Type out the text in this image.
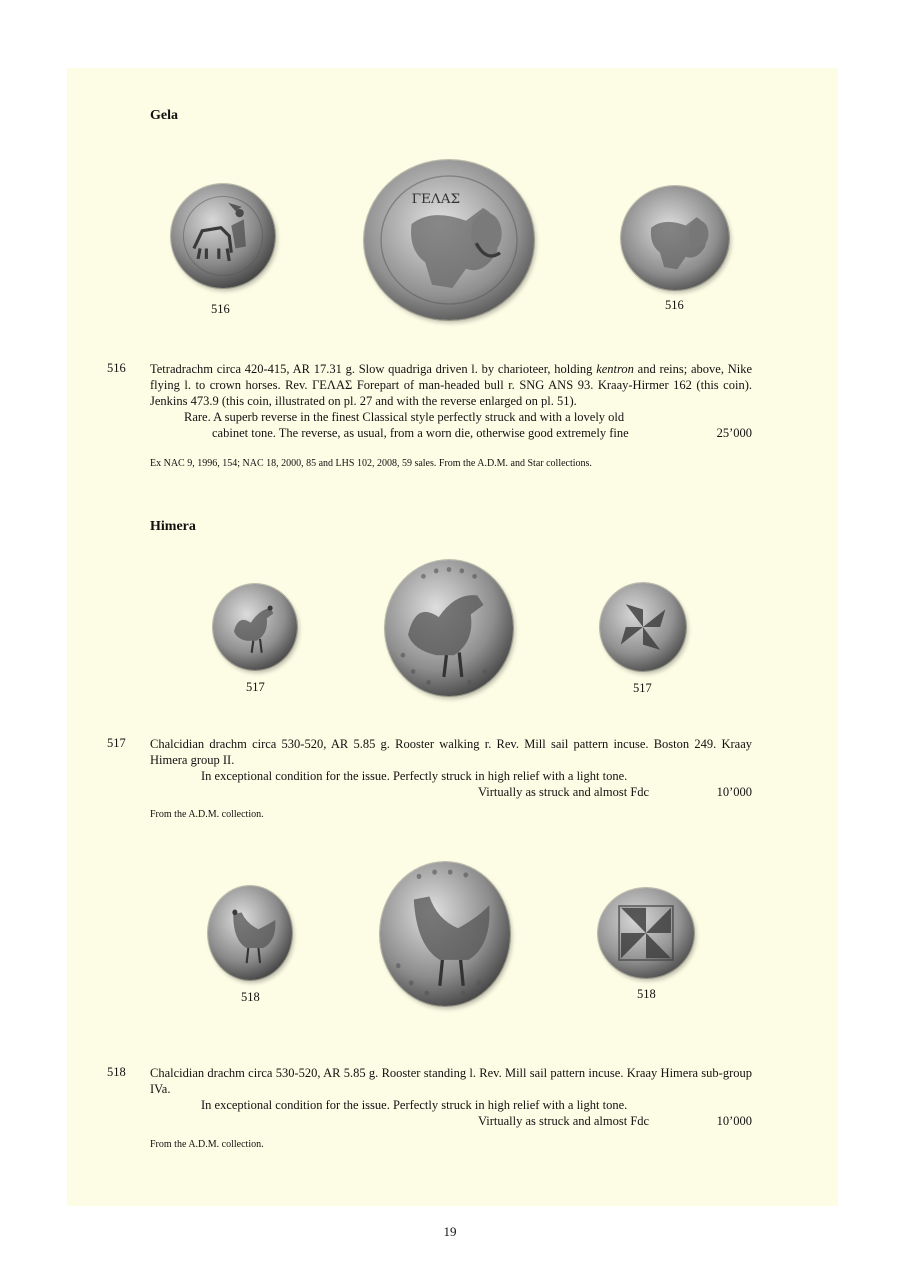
Gela
ΓΕΛΑΣ
516	516
516 Tetradrachm circa 420-415, AR 17.31 g. Slow quadriga driven l. by charioteer, holding kentron and reins; above, Nike flying l. to crown horses. Rev. ΓΕΛΑΣ Forepart of man-headed bull r. SNG ANS 93. Kraay-Hirmer 162 (this coin). Jenkins 473.9 (this coin, illustrated on pl. 27 and with the reverse enlarged on pl. 51).

Rare. A superb reverse in the finest Classical style perfectly struck and with a lovely old

cabinet tone. The reverse, as usual, from a worn die, otherwise good extremely fine	25’000
Ex NAC 9, 1996, 154; NAC 18, 2000, 85 and LHS 102, 2008, 59 sales. From the A.D.M. and Star collections.
Himera
517	517
517 Chalcidian drachm circa 530-520, AR 5.85 g. Rooster walking r. Rev. Mill sail pattern incuse. Boston 249. Kraay Himera group II.

In exceptional condition for the issue. Perfectly struck in high relief with a light tone.

Virtually as struck and almost Fdc	10’000
From the A.D.M. collection.
518	518
518 Chalcidian drachm circa 530-520, AR 5.85 g. Rooster standing l. Rev. Mill sail pattern incuse. Kraay Himera sub-group IVa.

In exceptional condition for the issue. Perfectly struck in high relief with a light tone.

Virtually as struck and almost Fdc	10’000
From the A.D.M. collection.
19
